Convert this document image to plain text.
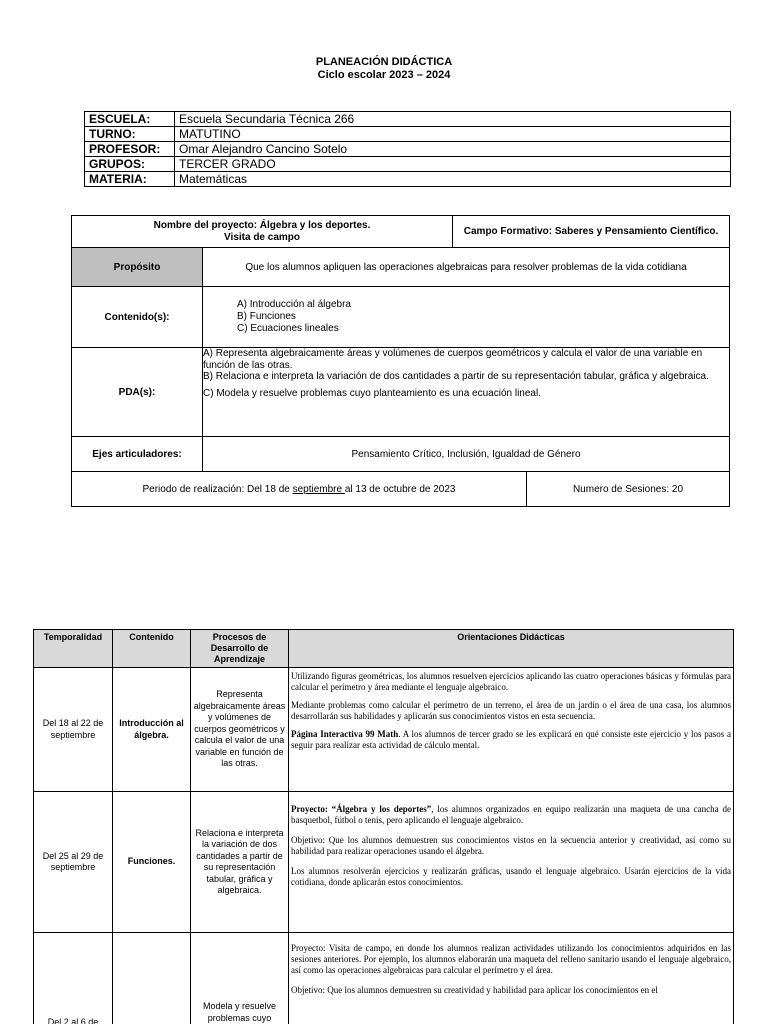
PLANEACIÓN DIDÁCTICA
Ciclo escolar 2023 – 2024
ESCUELA:	Escuela Secundaria Técnica 266
TURNO:	MATUTINO
PROFESOR:	Omar Alejandro Cancino Sotelo
GRUPOS:	TERCER GRADO
MATERIA:	Matemáticas
Nombre del proyecto: Álgebra y los deportes.
Visita de campo		Campo Formativo: Saberes y Pensamiento Científico.	
Propósito	Que los alumnos apliquen las operaciones algebraicas para resolver problemas de la vida cotidiana		
Contenido(s):	A) Introducción al álgebra
B) Funciones
C) Ecuaciones lineales		

PDA(s):	A) Representa algebraicamente áreas y volúmenes de cuerpos geométricos y calcula el valor de una variable en función de las otras.
B) Relaciona e interpreta la variación de dos cantidades a partir de su representación tabular, gráfica y algebraica.
C) Modela y resuelve problemas cuyo planteamiento es una ecuación lineal.		

Ejes articuladores:	Pensamiento Crítico, Inclusión, Igualdad de Género		
Periodo de realización: Del 18 de septiembre al 13 de octubre de 2023			Numero de Sesiones: 20
Temporalidad	Contenido	Procesos de Desarrollo de Aprendizaje	Orientaciones Didácticas
Del 18 al 22 de septiembre	Introducción al álgebra.	Representa algebraicamente áreas y volúmenes de cuerpos geométricos y calcula el valor de una variable en función de las otras.	Utilizando figuras geométricas, los alumnos resuelven ejercicios aplicando las cuatro operaciones básicas y fórmulas para calcular el perímetro y área mediante el lenguaje algebraico.

Mediante problemas como calcular el perímetro de un terreno, el área de un jardín o el área de una casa, los alumnos desarrollarán sus habilidades y aplicarán sus conocimientos vistos en esta secuencia.

Página Interactiva 99 Math. A los alumnos de tercer grado se les explicará en qué consiste este ejercicio y los pasos a seguir para realizar esta actividad de cálculo mental.

Del 25 al 29 de septiembre	Funciones.	Relaciona e interpreta la variación de dos cantidades a partir de su representación tabular, gráfica y algebraica.	Proyecto: “Álgebra y los deportes”, los alumnos organizados en equipo realizarán una maqueta de una cancha de basquetbol, fútbol o tenis, pero aplicando el lenguaje algebraico.

Objetivo: Que los alumnos demuestren sus conocimientos vistos en la secuencia anterior y creatividad, así como su habilidad para realizar operaciones usando el álgebra.

Los alumnos resolverán ejercicios y realizarán gráficas, usando el lenguaje algebraico. Usarán ejercicios de la vida cotidiana, donde aplicarán estos conocimientos.

Del 2 al 6 de		Modela y resuelve problemas cuyo	Proyecto: Visita de campo, en donde los alumnos realizan actividades utilizando los conocimientos adquiridos en las sesiones anteriores. Por ejemplo, los alumnos elaborarán una maqueta del relleno sanitario usando el lenguaje algebraico, así como las operaciones algebraicas para calcular el perímetro y el área.

Objetivo: Que los alumnos demuestren su creatividad y habilidad para aplicar los conocimientos en el
